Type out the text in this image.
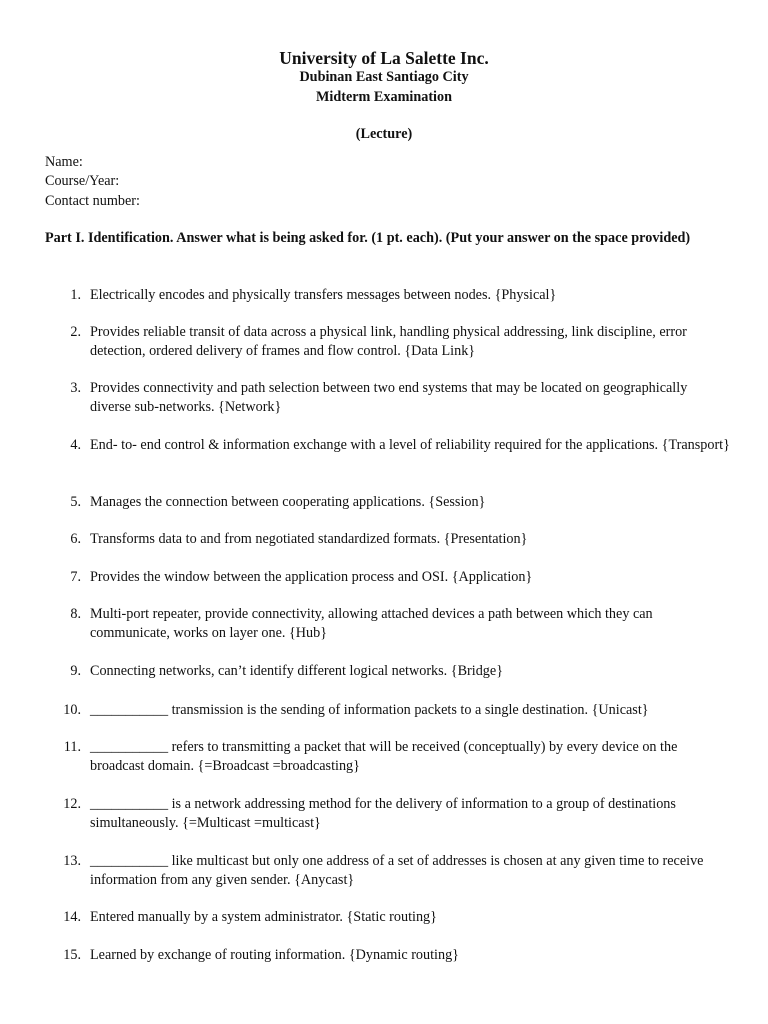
University of La Salette Inc.
Dubinan East Santiago City
Midterm Examination
(Lecture)
Name:
Course/Year:
Contact number:
Part I. Identification. Answer what is being asked for. (1 pt. each). (Put your answer on the space provided)
1. Electrically encodes and physically transfers messages between nodes. {Physical}
2. Provides reliable transit of data across a physical link, handling physical addressing, link discipline, error detection, ordered delivery of frames and flow control. {Data Link}
3. Provides connectivity and path selection between two end systems that may be located on geographically diverse sub-networks. {Network}
4. End- to- end control & information exchange with a level of reliability required for the applications. {Transport}
5. Manages the connection between cooperating applications. {Session}
6. Transforms data to and from negotiated standardized formats. {Presentation}
7. Provides the window between the application process and OSI. {Application}
8. Multi-port repeater, provide connectivity, allowing attached devices a path between which they can communicate, works on layer one. {Hub}
9. Connecting networks, can’t identify different logical networks. {Bridge}
10. ___________ transmission is the sending of information packets to a single destination. {Unicast}
11. ___________ refers to transmitting a packet that will be received (conceptually) by every device on the broadcast domain. {=Broadcast =broadcasting}
12. ___________ is a network addressing method for the delivery of information to a group of destinations simultaneously. {=Multicast =multicast}
13. ___________ like multicast but only one address of a set of addresses is chosen at any given time to receive information from any given sender. {Anycast}
14. Entered manually by a system administrator. {Static routing}
15. Learned by exchange of routing information. {Dynamic routing}
